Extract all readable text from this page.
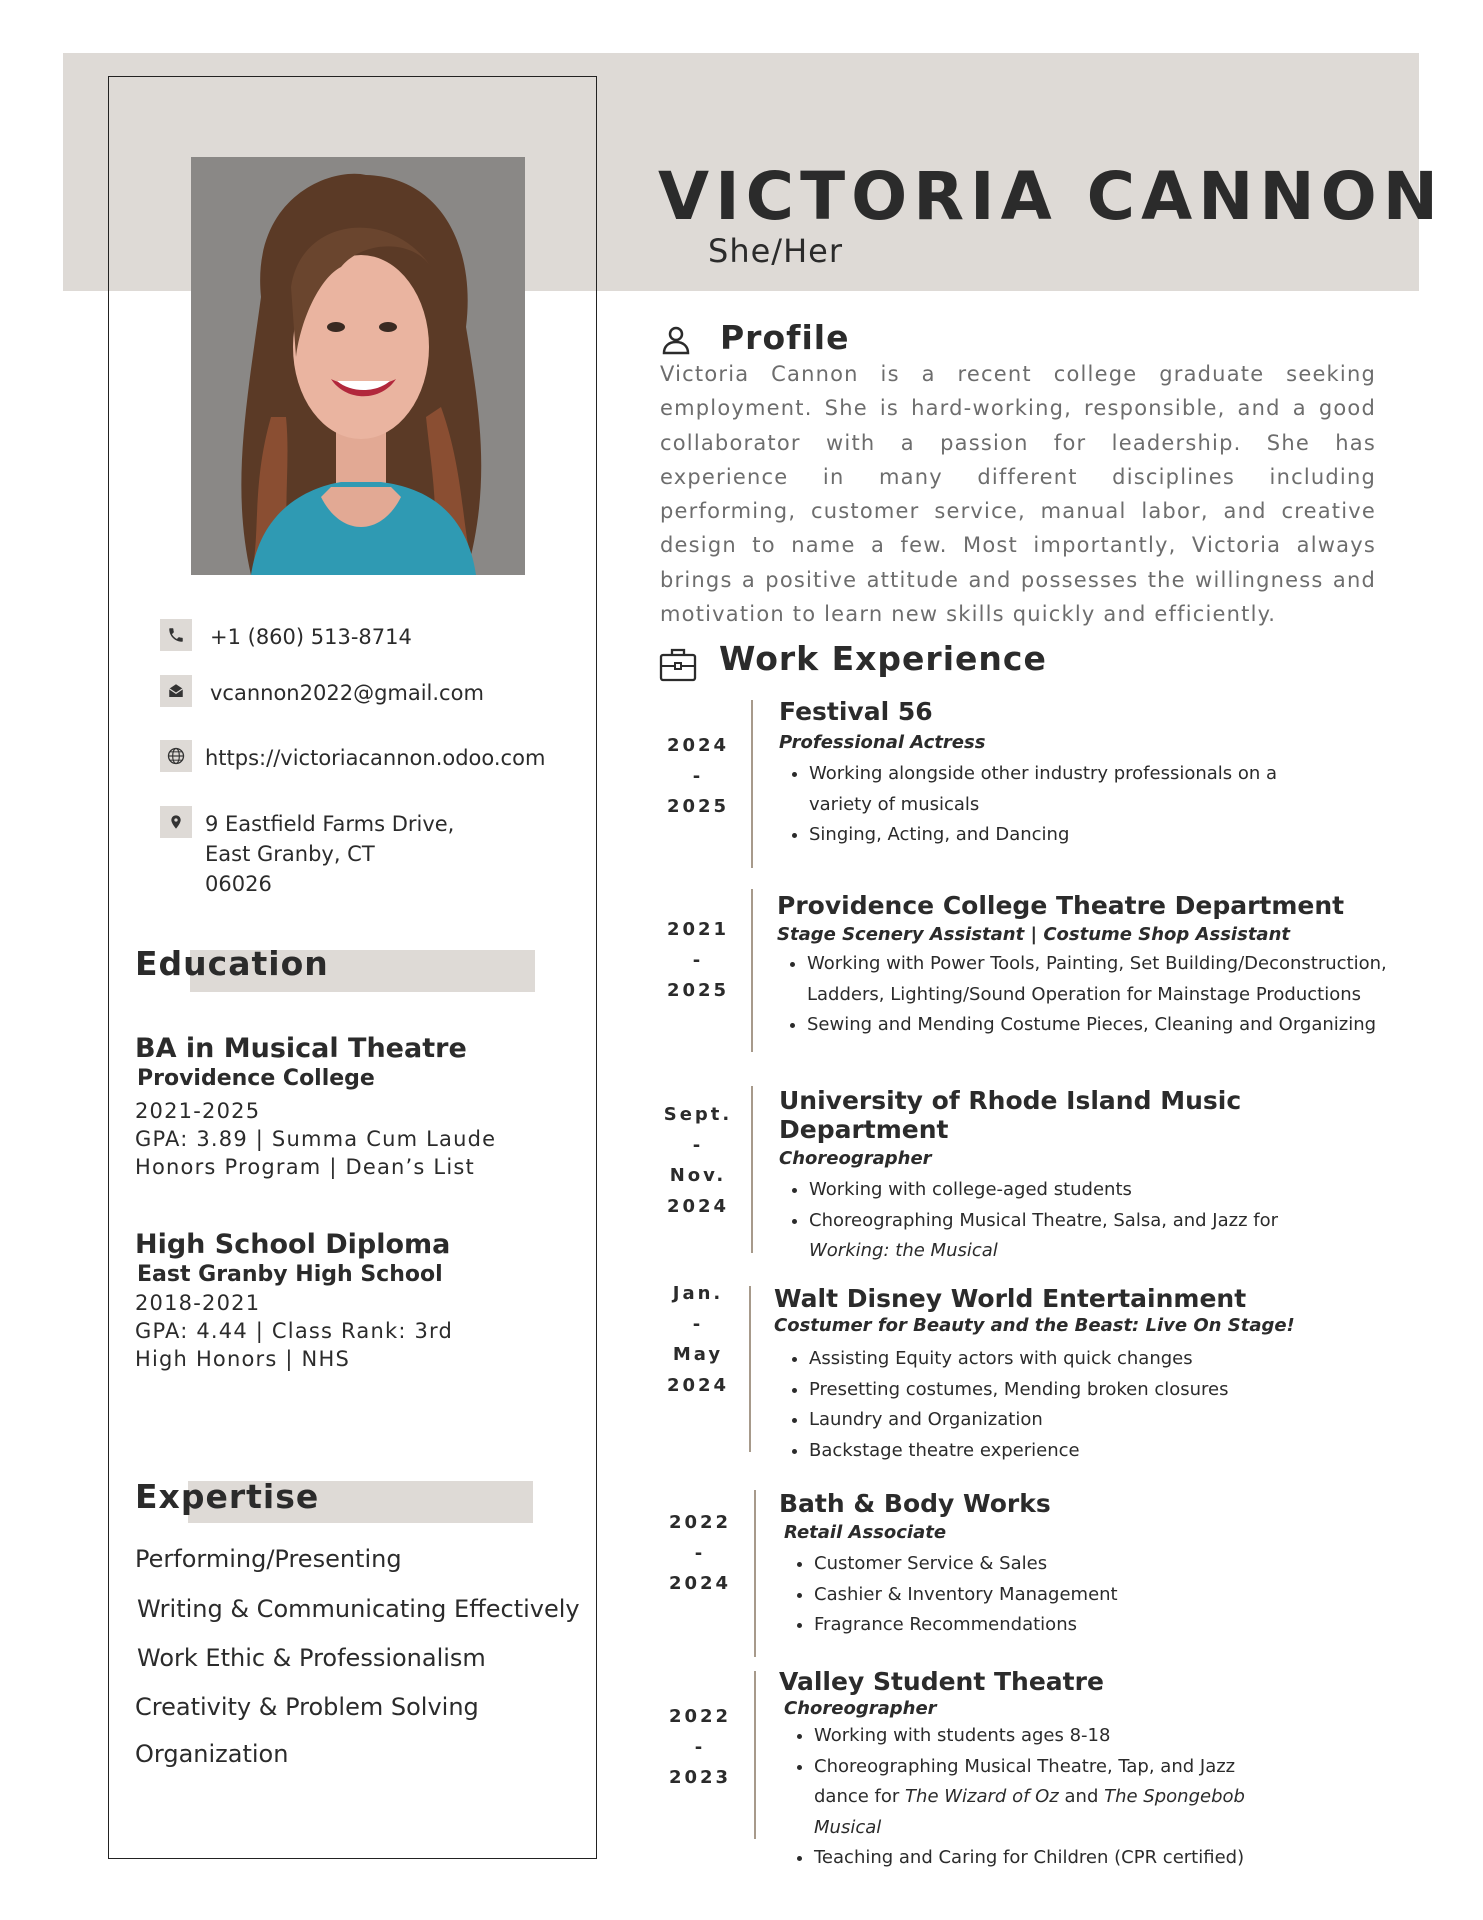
VICTORIA CANNON
She/Her
+1 (860) 513-8714
vcannon2022@gmail.com
https://victoriacannon.odoo.com
9 Eastfield Farms Drive,
East Granby, CT
06026
Education
BA in Musical Theatre
Providence College
2021-2025
GPA: 3.89 | Summa Cum Laude
Honors Program | Dean’s List
High School Diploma
East Granby High School
2018-2021
GPA: 4.44 | Class Rank: 3rd
High Honors | NHS
Expertise
Performing/Presenting
Writing & Communicating Effectively
Work Ethic & Professionalism
Creativity & Problem Solving
Organization
Profile
Victoria Cannon is a recent college graduate seeking employment. She is hard-working, responsible, and a good collaborator with a passion for leadership. She has experience in many different disciplines including performing, customer service, manual labor, and creative design to name a few. Most importantly, Victoria always brings a positive attitude and possesses the willingness and motivation to learn new skills quickly and efficiently.
Work Experience
2024
-
2025
Festival 56
Professional Actress
• Working alongside other industry professionals on a variety of musicals
• Singing, Acting, and Dancing
2021
-
2025
Providence College Theatre Department
Stage Scenery Assistant | Costume Shop Assistant
• Working with Power Tools, Painting, Set Building/Deconstruction, Ladders, Lighting/Sound Operation for Mainstage Productions
• Sewing and Mending Costume Pieces, Cleaning and Organizing
Sept.
-
Nov.
2024
University of Rhode Island Music Department
Choreographer
• Working with college-aged students
• Choreographing Musical Theatre, Salsa, and Jazz for Working: the Musical
Jan.
-
May
2024
Walt Disney World Entertainment
Costumer for Beauty and the Beast: Live On Stage!
• Assisting Equity actors with quick changes
• Presetting costumes, Mending broken closures
• Laundry and Organization
• Backstage theatre experience
2022
-
2024
Bath & Body Works
Retail Associate
• Customer Service & Sales
• Cashier & Inventory Management
• Fragrance Recommendations
2022
-
2023
Valley Student Theatre
Choreographer
• Working with students ages 8-18
• Choreographing Musical Theatre, Tap, and Jazz dance for The Wizard of Oz and The Spongebob Musical
• Teaching and Caring for Children (CPR certified)
